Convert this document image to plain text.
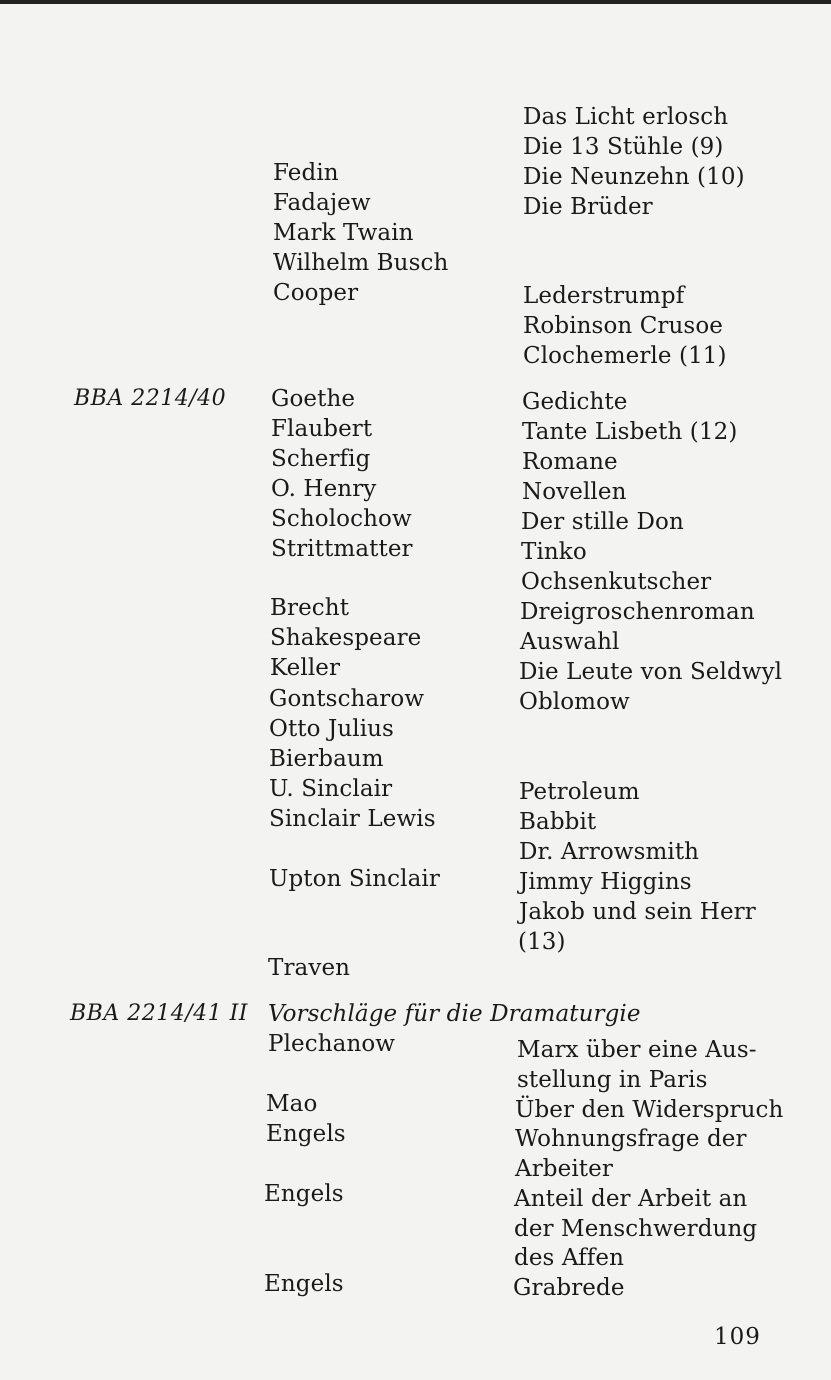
Das Licht erlosch
Die 13 Stühle (9)
Die Neunzehn (10)
Die Brüder
Fedin
Fadajew
Mark Twain
Wilhelm Busch
Cooper	Lederstrumpf
Robinson Crusoe
Clochemerle (11)
BBA 2214/40 Goethe
Flaubert
Scherfig
O. Henry
Scholochow
Strittmatter
Brecht
Shakespeare
Keller
Gontscharow
Otto Julius
Bierbaum
U. Sinclair
Sinclair Lewis
Upton Sinclair
Traven
Gedichte
Tante Lisbeth (12)
Romane
Novellen
Der stille Don
Tinko
Ochsenkutscher
Dreigroschenroman
Auswahl
Die Leute von Seldwyl
Oblomow
Petroleum
Babbit
Dr. Arrowsmith
Jimmy Higgins
Jakob und sein Herr
(13)
BBA 2214/41 II Vorschläge für die Dramaturgie
Plechanow
Mao
Engels
Engels
Engels
Marx über eine Aus-
stellung in Paris
Über den Widerspruch
Wohnungsfrage der
Arbeiter
Anteil der Arbeit an
der Menschwerdung
des Affen
Grabrede
109
